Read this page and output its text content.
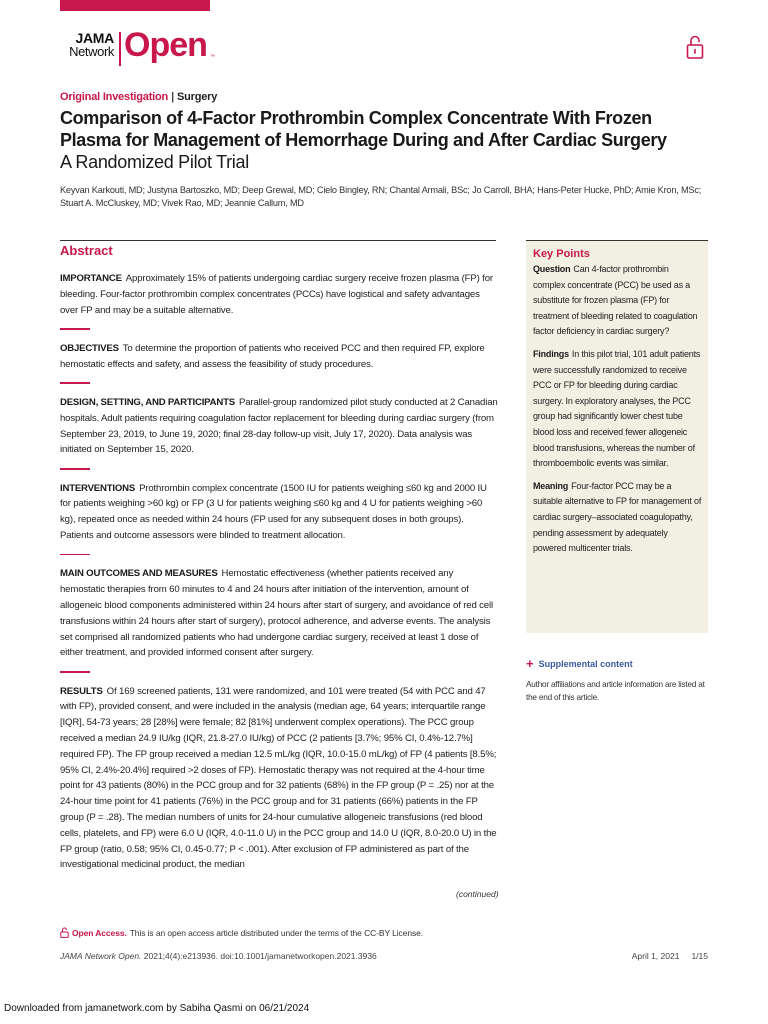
JAMA
Network Open ™
Original Investigation | Surgery
Comparison of 4-Factor Prothrombin Complex Concentrate With Frozen Plasma for Management of Hemorrhage During and After Cardiac Surgery
A Randomized Pilot Trial
Keyvan Karkouti, MD; Justyna Bartoszko, MD; Deep Grewal, MD; Cielo Bingley, RN; Chantal Armali, BSc; Jo Carroll, BHA; Hans-Peter Hucke, PhD; Amie Kron, MSc; Stuart A. McCluskey, MD; Vivek Rao, MD; Jeannie Callum, MD
Abstract

IMPORTANCE Approximately 15% of patients undergoing cardiac surgery receive frozen plasma (FP) for bleeding. Four-factor prothrombin complex concentrates (PCCs) have logistical and safety advantages over FP and may be a suitable alternative.

OBJECTIVES To determine the proportion of patients who received PCC and then required FP, explore hemostatic effects and safety, and assess the feasibility of study procedures.

DESIGN, SETTING, AND PARTICIPANTS Parallel-group randomized pilot study conducted at 2 Canadian hospitals. Adult patients requiring coagulation factor replacement for bleeding during cardiac surgery (from September 23, 2019, to June 19, 2020; final 28-day follow-up visit, July 17, 2020). Data analysis was initiated on September 15, 2020.

INTERVENTIONS Prothrombin complex concentrate (1500 IU for patients weighing ≤60 kg and 2000 IU for patients weighing >60 kg) or FP (3 U for patients weighing ≤60 kg and 4 U for patients weighing >60 kg), repeated once as needed within 24 hours (FP used for any subsequent doses in both groups). Patients and outcome assessors were blinded to treatment allocation.

MAIN OUTCOMES AND MEASURES Hemostatic effectiveness (whether patients received any hemostatic therapies from 60 minutes to 4 and 24 hours after initiation of the intervention, amount of allogeneic blood components administered within 24 hours after start of surgery, and avoidance of red cell transfusions within 24 hours after start of surgery), protocol adherence, and adverse events. The analysis set comprised all randomized patients who had undergone cardiac surgery, received at least 1 dose of either treatment, and provided informed consent after surgery.

RESULTS Of 169 screened patients, 131 were randomized, and 101 were treated (54 with PCC and 47 with FP), provided consent, and were included in the analysis (median age, 64 years; interquartile range [IQR], 54-73 years; 28 [28%] were female; 82 [81%] underwent complex operations). The PCC group received a median 24.9 IU/kg (IQR, 21.8-27.0 IU/kg) of PCC (2 patients [3.7%; 95% CI, 0.4%-12.7%] required FP). The FP group received a median 12.5 mL/kg (IQR, 10.0-15.0 mL/kg) of FP (4 patients [8.5%; 95% CI, 2.4%-20.4%] required >2 doses of FP). Hemostatic therapy was not required at the 4-hour time point for 43 patients (80%) in the PCC group and for 32 patients (68%) in the FP group (P = .25) nor at the 24-hour time point for 41 patients (76%) in the PCC group and for 31 patients (66%) patients in the FP group (P = .28). The median numbers of units for 24-hour cumulative allogeneic transfusions (red blood cells, platelets, and FP) were 6.0 U (IQR, 4.0-11.0 U) in the PCC group and 14.0 U (IQR, 8.0-20.0 U) in the FP group (ratio, 0.58; 95% CI, 0.45-0.77; P < .001). After exclusion of FP administered as part of the investigational medicinal product, the median

(continued)
Key Points

Question Can 4-factor prothrombin complex concentrate (PCC) be used as a substitute for frozen plasma (FP) for treatment of bleeding related to coagulation factor deficiency in cardiac surgery?

Findings In this pilot trial, 101 adult patients were successfully randomized to receive PCC or FP for bleeding during cardiac surgery. In exploratory analyses, the PCC group had significantly lower chest tube blood loss and received fewer allogeneic blood transfusions, whereas the number of thromboembolic events was similar.

Meaning Four-factor PCC may be a suitable alternative to FP for management of cardiac surgery–associated coagulopathy, pending assessment by adequately powered multicenter trials.

+ Supplemental content
Author affiliations and article information are listed at the end of this article.
Open Access. This is an open access article distributed under the terms of the CC-BY License.
JAMA Network Open. 2021;4(4):e213936. doi:10.1001/jamanetworkopen.2021.3936	April 1, 2021 1/15
Downloaded from jamanetwork.com by Sabiha Qasmi on 06/21/2024
